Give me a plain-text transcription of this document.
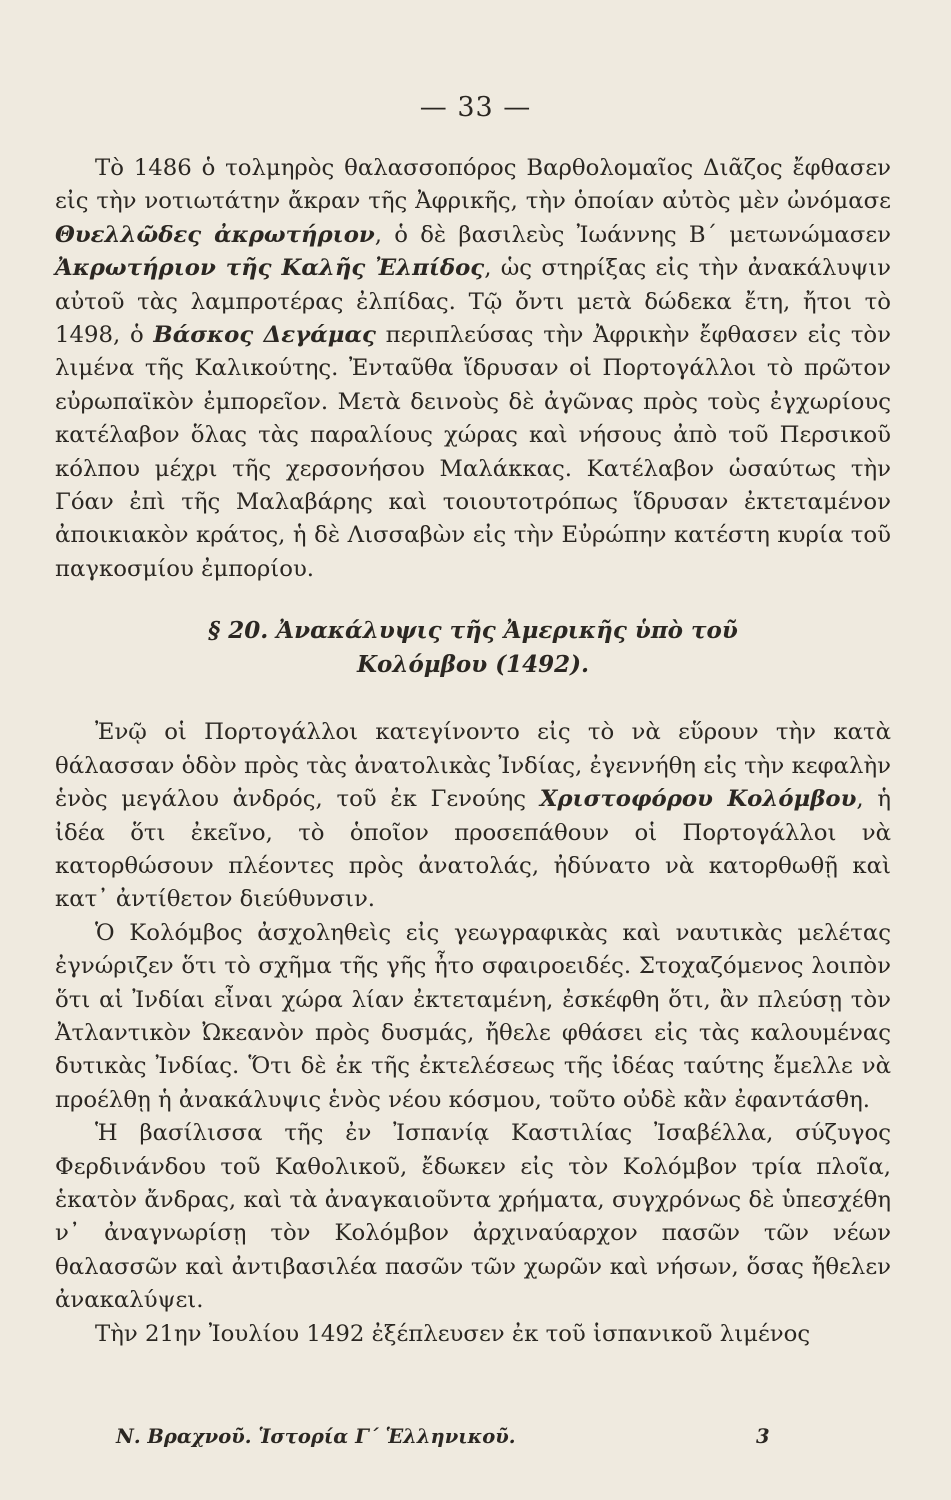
— 33 —

Τὸ 1486 ὁ τολμηρὸς θαλασσοπόρος Βαρθολομαῖος Διᾶζος ἔφθασεν εἰς τὴν νοτιωτάτην ἄκραν τῆς Ἀφρικῆς, τὴν ὁποίαν αὐτὸς μὲν ὠνόμασε Θυελλῶδες ἀκρωτήριον, ὁ δὲ βασιλεὺς Ἰωάννης Β΄ μετωνώμασεν Ἀκρωτήριον τῆς Καλῆς Ἐλπίδος, ὡς στηρίξας εἰς τὴν ἀνακάλυψιν αὐτοῦ τὰς λαμπροτέρας ἐλπίδας. Τῷ ὄντι μετὰ δώδεκα ἔτη, ἤτοι τὸ 1498, ὁ Βάσκος Δεγάμας περιπλεύσας τὴν Ἀφρικὴν ἔφθασεν εἰς τὸν λιμένα τῆς Καλικούτης. Ἐνταῦθα ἵδρυσαν οἱ Πορτογάλλοι τὸ πρῶτον εὐρωπαϊκὸν ἐμπορεῖον. Μετὰ δεινοὺς δὲ ἀγῶνας πρὸς τοὺς ἐγχωρίους κατέλαβον ὅλας τὰς παραλίους χώρας καὶ νήσους ἀπὸ τοῦ Περσικοῦ κόλπου μέχρι τῆς χερσονήσου Μαλάκκας. Κατέλαβον ὡσαύτως τὴν Γόαν ἐπὶ τῆς Μαλαβάρης καὶ τοιουτοτρόπως ἵδρυσαν ἐκτεταμένον ἀποικιακὸν κράτος, ἡ δὲ Λισσαβὼν εἰς τὴν Εὐρώπην κατέστη κυρία τοῦ παγκοσμίου ἐμπορίου.

§ 20. Ἀνακάλυψις τῆς Ἀμερικῆς ὑπὸ τοῦ
Κολόμβου (1492).

Ἐνῷ οἱ Πορτογάλλοι κατεγίνοντο εἰς τὸ νὰ εὕρουν τὴν κατὰ θάλασσαν ὁδὸν πρὸς τὰς ἀνατολικὰς Ἰνδίας, ἐγεννήθη εἰς τὴν κεφαλὴν ἑνὸς μεγάλου ἀνδρός, τοῦ ἐκ Γενούης Χριστοφόρου Κολόμβου, ἡ ἰδέα ὅτι ἐκεῖνο, τὸ ὁποῖον προσεπάθουν οἱ Πορτογάλλοι νὰ κατορθώσουν πλέοντες πρὸς ἀνατολάς, ἠδύνατο νὰ κατορθωθῇ καὶ κατ᾽ ἀντίθετον διεύθυνσιν.

Ὁ Κολόμβος ἀσχοληθεὶς εἰς γεωγραφικὰς καὶ ναυτικὰς μελέτας ἐγνώριζεν ὅτι τὸ σχῆμα τῆς γῆς ἦτο σφαιροειδές. Στοχαζόμενος λοιπὸν ὅτι αἱ Ἰνδίαι εἶναι χώρα λίαν ἐκτεταμένη, ἐσκέφθη ὅτι, ἂν πλεύσῃ τὸν Ἀτλαντικὸν Ὠκεανὸν πρὸς δυσμάς, ἤθελε φθάσει εἰς τὰς καλουμένας δυτικὰς Ἰνδίας. Ὅτι δὲ ἐκ τῆς ἐκτελέσεως τῆς ἰδέας ταύτης ἔμελλε νὰ προέλθῃ ἡ ἀνακάλυψις ἑνὸς νέου κόσμου, τοῦτο οὐδὲ κἂν ἐφαντάσθη.

Ἡ βασίλισσα τῆς ἐν Ἰσπανίᾳ Καστιλίας Ἰσαβέλλα, σύζυγος Φερδινάνδου τοῦ Καθολικοῦ, ἔδωκεν εἰς τὸν Κολόμβον τρία πλοῖα, ἑκατὸν ἄνδρας, καὶ τὰ ἀναγκαιοῦντα χρήματα, συγχρόνως δὲ ὑπεσχέθη ν᾽ ἀναγνωρίσῃ τὸν Κολόμβον ἀρχιναύαρχον πασῶν τῶν νέων θαλασσῶν καὶ ἀντιβασιλέα πασῶν τῶν χωρῶν καὶ νήσων, ὅσας ἤθελεν ἀνακαλύψει.

Τὴν 21ην Ἰουλίου 1492 ἐξέπλευσεν ἐκ τοῦ ἱσπανικοῦ λιμένος

Ν. Βραχνοῦ. Ἱστορία Γ΄ Ἑλληνικοῦ.	3
